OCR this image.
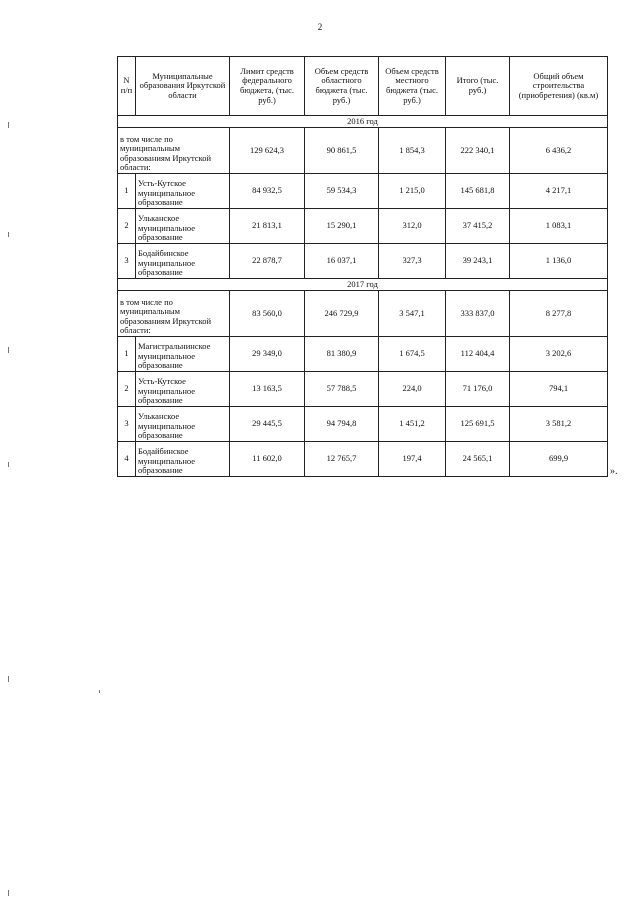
2
N п/п	Муниципальные образования Иркутской области	Лимит средств федерального бюджета, (тыс. руб.)	Объем средств областного бюджета (тыс. руб.)	Объем средств местного бюджета (тыс. руб.)	Итого (тыс. руб.)	Общий объем строительства (приобретения) (кв.м)
2016 год						
в том числе по муниципальным образованиям Иркутской области:		129 624,3	90 861,5	1 854,3	222 340,1	6 436,2
1	Усть-Кутское муниципальное образование	84 932,5	59 534,3	1 215,0	145 681,8	4 217,1
2	Ульканское муниципальное образование	21 813,1	15 290,1	312,0	37 415,2	1 083,1
3	Бодайбинское муниципальное образование	22 878,7	16 037,1	327,3	39 243,1	1 136,0
2017 год						
в том числе по муниципальным образованиям Иркутской области:		83 560,0	246 729,9	3 547,1	333 837,0	8 277,8
1	Магистральнинское муниципальное образование	29 349,0	81 380,9	1 674,5	112 404,4	3 202,6
2	Усть-Кутское муниципальное образование	13 163,5	57 788,5	224,0	71 176,0	794,1
3	Ульканское муниципальное образование	29 445,5	94 794,8	1 451,2	125 691,5	3 581,2
4	Бодайбинское муниципальное образование	11 602,0	12 765,7	197,4	24 565,1	699,9
».
